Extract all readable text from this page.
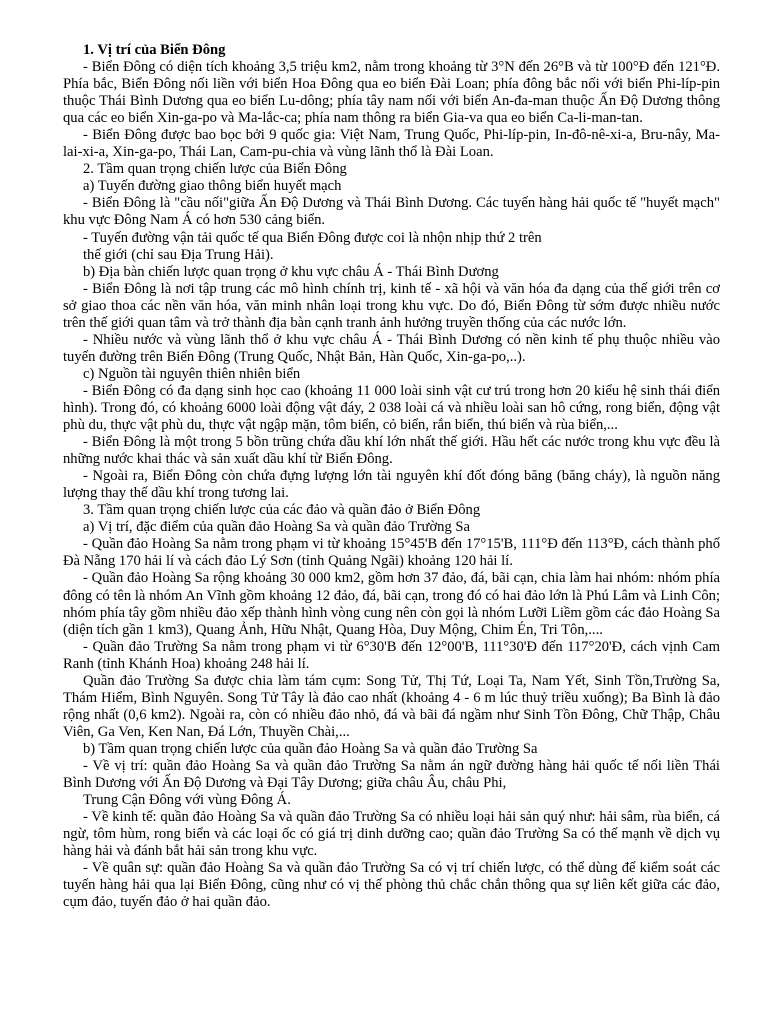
1. Vị trí của Biển Đông

- Biển Đông có diện tích khoảng 3,5 triệu km2, nằm trong khoảng từ 3°N đến 26°B và từ 100°Đ đến 121°Đ. Phía bắc, Biển Đông nối liền với biển Hoa Đông qua eo biển Đài Loan; phía đông bắc nối với biển Phi-líp-pin thuộc Thái Bình Dương qua eo biển Lu-dông; phía tây nam nối với biển An-đa-man thuộc Ấn Độ Dương thông qua các eo biển Xin-ga-po và Ma-lắc-ca; phía nam thông ra biển Gia-va qua eo biển Ca-li-man-tan.

- Biển Đông được bao bọc bởi 9 quốc gia: Việt Nam, Trung Quốc, Phi-líp-pin, In-đô-nê-xi-a, Bru-nây, Ma-lai-xi-a, Xin-ga-po, Thái Lan, Cam-pu-chia và vùng lãnh thổ là Đài Loan.

2. Tầm quan trọng chiến lược của Biển Đông

a) Tuyến đường giao thông biển huyết mạch

- Biển Đông là "cầu nối"giữa Ấn Độ Dương và Thái Bình Dương. Các tuyến hàng hải quốc tế "huyết mạch" khu vực Đông Nam Á có hơn 530 cảng biển.

- Tuyến đường vận tải quốc tế qua Biển Đông được coi là nhộn nhịp thứ 2 trên

thế giới (chỉ sau Địa Trung Hải).

b) Địa bàn chiến lược quan trọng ở khu vực châu Á - Thái Bình Dương

- Biển Đông là nơi tập trung các mô hình chính trị, kinh tế - xã hội và văn hóa đa dạng của thế giới trên cơ sở giao thoa các nền văn hóa, văn minh nhân loại trong khu vực. Do đó, Biển Đông từ sớm được nhiều nước trên thế giới quan tâm và trở thành địa bàn cạnh tranh ảnh hưởng truyền thống của các nước lớn.

- Nhiều nước và vùng lãnh thổ ở khu vực châu Á - Thái Bình Dương có nền kinh tế phụ thuộc nhiều vào tuyến đường trên Biển Đông (Trung Quốc, Nhật Bản, Hàn Quốc, Xin-ga-po,..).

c) Nguồn tài nguyên thiên nhiên biển

- Biển Đông có đa dạng sinh học cao (khoảng 11 000 loài sinh vật cư trú trong hơn 20 kiểu hệ sinh thái điển hình). Trong đó, có khoảng 6000 loài động vật đáy, 2 038 loài cá và nhiều loài san hô cứng, rong biển, động vật phù du, thực vật phù du, thực vật ngập mặn, tôm biển, cỏ biển, rắn biển, thú biển và rùa biển,...

- Biển Đông là một trong 5 bồn trũng chứa dầu khí lớn nhất thế giới. Hầu hết các nước trong khu vực đều là những nước khai thác và sản xuất dầu khí từ Biển Đông.

- Ngoài ra, Biển Đông còn chứa đựng lượng lớn tài nguyên khí đốt đóng băng (băng cháy), là nguồn năng lượng thay thế dầu khí trong tương lai.

3. Tầm quan trọng chiến lược của các đảo và quần đảo ở Biển Đông

a) Vị trí, đặc điểm của quần đảo Hoàng Sa và quần đảo Trường Sa

- Quần đảo Hoàng Sa nằm trong phạm vi từ khoảng 15°45'B đến 17°15'B, 111°Đ đến 113°Đ, cách thành phố Đà Nẵng 170 hải lí và cách đảo Lý Sơn (tỉnh Quảng Ngãi) khoảng 120 hải lí.

- Quần đảo Hoàng Sa rộng khoảng 30 000 km2, gồm hơn 37 đảo, đá, bãi cạn, chia làm hai nhóm: nhóm phía đông có tên là nhóm An Vĩnh gồm khoảng 12 đảo, đá, bãi cạn, trong đó có hai đảo lớn là Phú Lâm và Linh Côn; nhóm phía tây gồm nhiều đảo xếp thành hình vòng cung nên còn gọi là nhóm Lưỡi Liềm gồm các đảo Hoàng Sa (diện tích gần 1 km3), Quang Ảnh, Hữu Nhật, Quang Hòa, Duy Mộng, Chim Én, Tri Tôn,....

- Quần đảo Trường Sa nằm trong phạm vi từ 6°30'B đến 12°00'B, 111°30'Đ đến 117°20'Đ, cách vịnh Cam Ranh (tỉnh Khánh Hoa) khoảng 248 hải lí.

Quần đảo Trường Sa được chia làm tám cụm: Song Tử, Thị Tứ, Loại Ta, Nam Yết, Sinh Tồn,Trường Sa, Thám Hiểm, Bình Nguyên. Song Tử Tây là đảo cao nhất (khoảng 4 - 6 m lúc thuỷ triều xuống); Ba Bình là đảo rộng nhất (0,6 km2). Ngoài ra, còn có nhiều đảo nhỏ, đá và bãi đá ngầm như Sinh Tồn Đông, Chữ Thập, Châu Viên, Ga Ven, Ken Nan, Đá Lớn, Thuyền Chài,...

b) Tầm quan trọng chiến lược của quần đảo Hoàng Sa và quần đảo Trường Sa

- Về vị trí: quần đảo Hoàng Sa và quần đảo Trường Sa nằm án ngữ đường hàng hải quốc tế nối liền Thái Bình Dương với Ấn Độ Dương và Đại Tây Dương; giữa châu Âu, châu Phi,

Trung Cận Đông với vùng Đông Á.

- Về kinh tế: quần đảo Hoàng Sa và quần đảo Trường Sa có nhiều loại hải sản quý như: hải sâm, rùa biển, cá ngừ, tôm hùm, rong biển và các loại ốc có giá trị dinh dưỡng cao; quần đảo Trường Sa có thế mạnh về dịch vụ hàng hải và đánh bắt hải sản trong khu vực.

- Về quân sự: quần đảo Hoàng Sa và quần đảo Trường Sa có vị trí chiến lược, có thể dùng để kiểm soát các tuyến hàng hải qua lại Biển Đông, cũng như có vị thế phòng thủ chắc chắn thông qua sự liên kết giữa các đảo, cụm đảo, tuyến đảo ở hai quần đảo.
